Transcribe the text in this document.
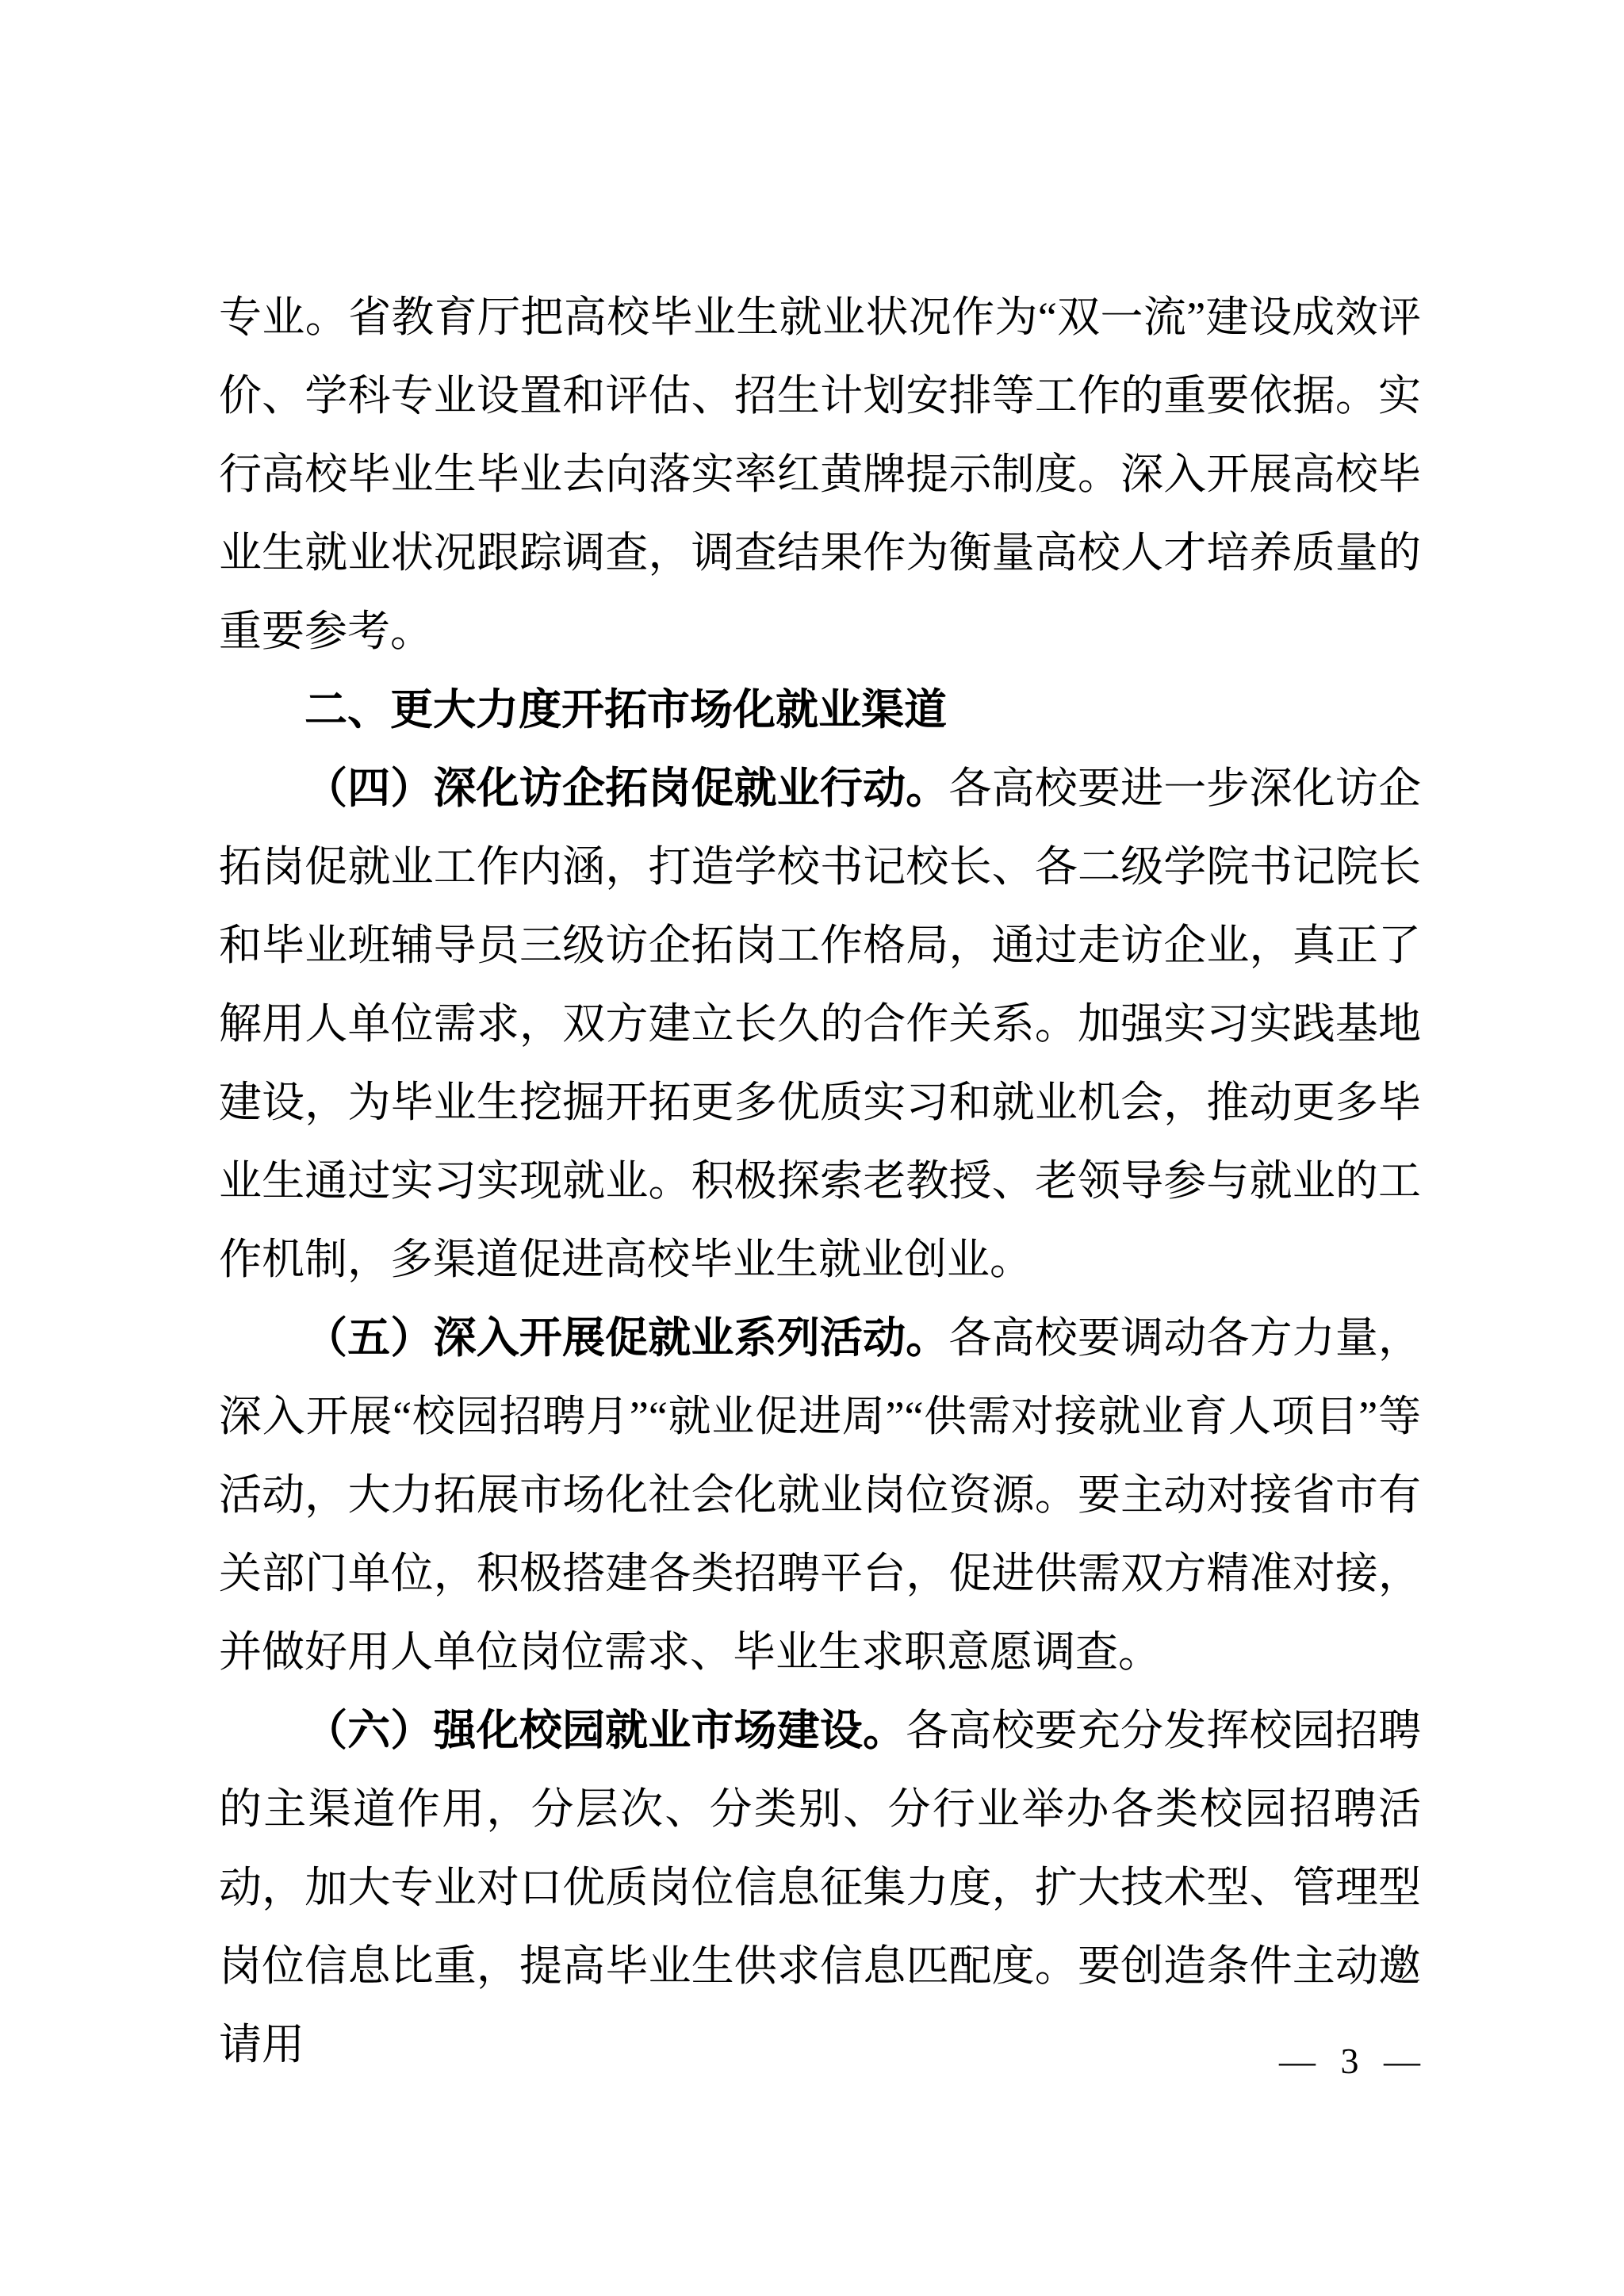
专业。省教育厅把高校毕业生就业状况作为“双一流”建设成效评价、学科专业设置和评估、招生计划安排等工作的重要依据。实行高校毕业生毕业去向落实率红黄牌提示制度。深入开展高校毕业生就业状况跟踪调查，调查结果作为衡量高校人才培养质量的重要参考。

二、更大力度开拓市场化就业渠道

（四）深化访企拓岗促就业行动。各高校要进一步深化访企拓岗促就业工作内涵，打造学校书记校长、各二级学院书记院长和毕业班辅导员三级访企拓岗工作格局，通过走访企业，真正了解用人单位需求，双方建立长久的合作关系。加强实习实践基地建设，为毕业生挖掘开拓更多优质实习和就业机会，推动更多毕业生通过实习实现就业。积极探索老教授、老领导参与就业的工作机制，多渠道促进高校毕业生就业创业。

（五）深入开展促就业系列活动。各高校要调动各方力量，深入开展“校园招聘月”“就业促进周”“供需对接就业育人项目”等活动，大力拓展市场化社会化就业岗位资源。要主动对接省市有关部门单位，积极搭建各类招聘平台，促进供需双方精准对接，并做好用人单位岗位需求、毕业生求职意愿调查。

（六）强化校园就业市场建设。各高校要充分发挥校园招聘的主渠道作用，分层次、分类别、分行业举办各类校园招聘活动，加大专业对口优质岗位信息征集力度，扩大技术型、管理型岗位信息比重，提高毕业生供求信息匹配度。要创造条件主动邀请用	— 3 —
